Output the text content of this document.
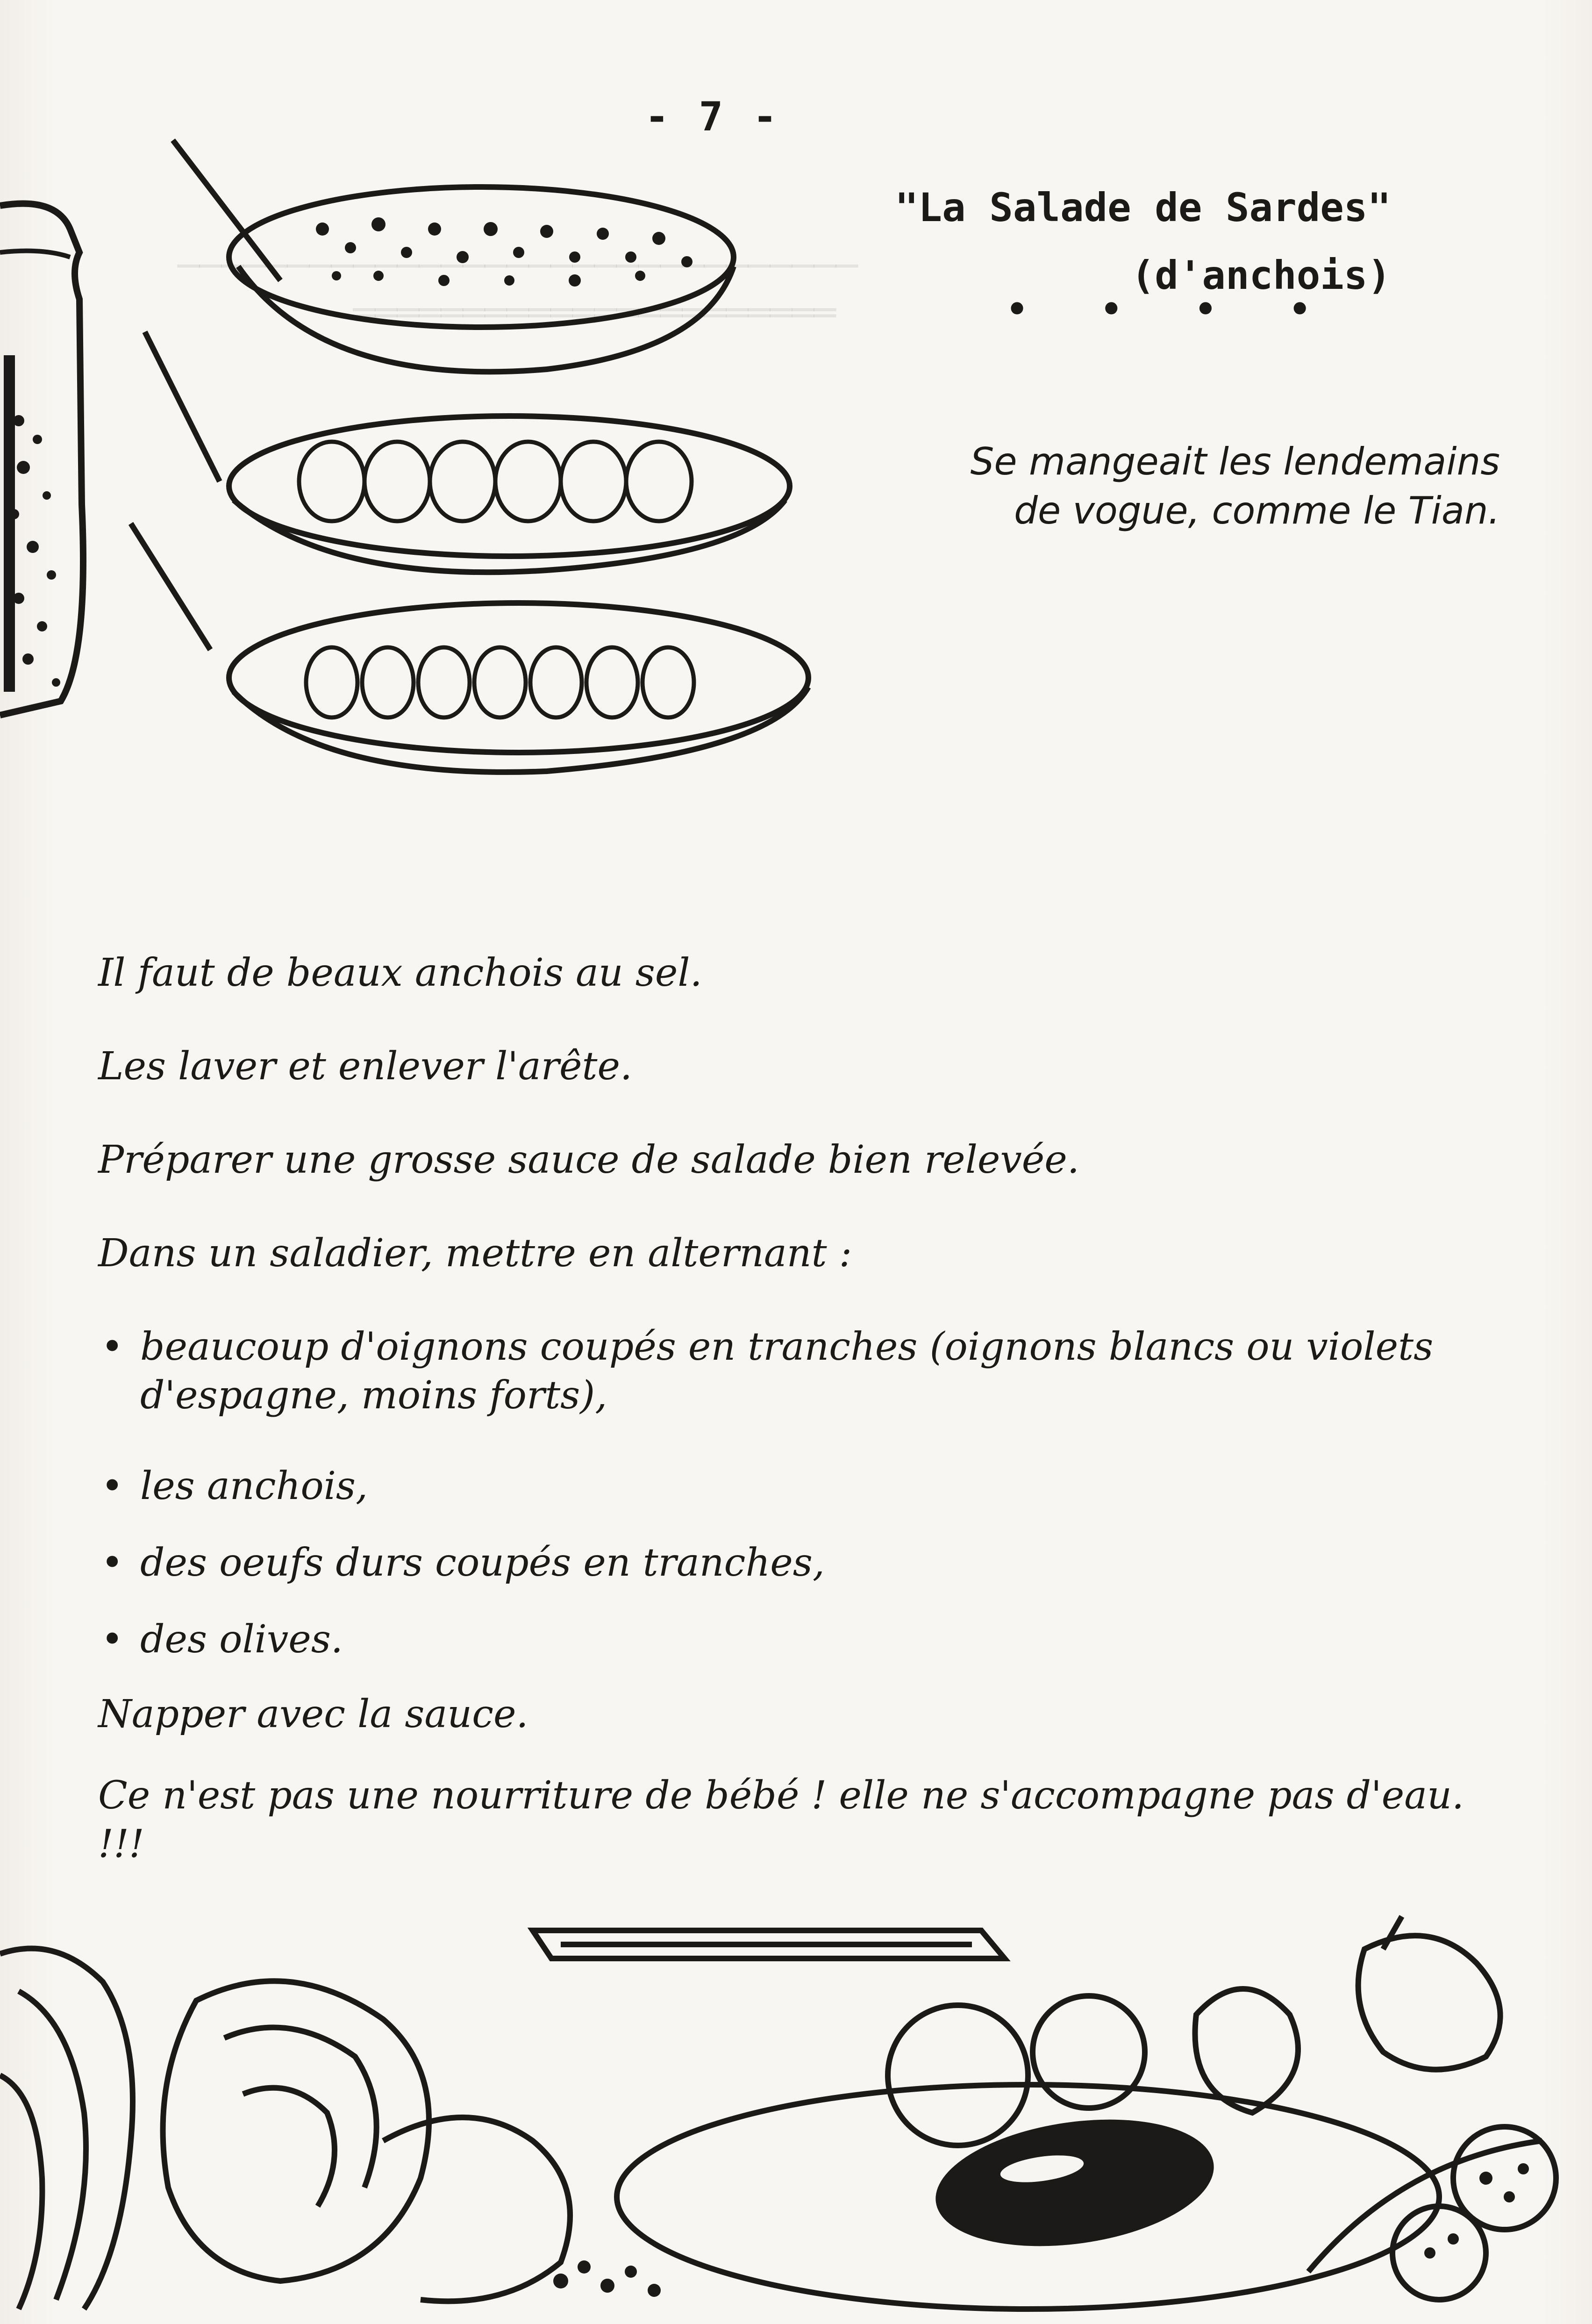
───────────────────────────────
══════════════════════

- 7 -
"La Salade de Sardes"
(d'anchois)
• • • •
Se mangeait les lendemains
de vogue, comme le Tian.

Il faut de beaux anchois au sel.

Les laver et enlever l'arête.

Préparer une grosse sauce de salade bien relevée.

Dans un saladier, mettre en alternant :

• beaucoup d'oignons coupés en tranches (oignons blancs ou violets d'espagne, moins forts),
• les anchois,
• des oeufs durs coupés en tranches,
• des olives.

Napper avec la sauce.

Ce n'est pas une nourriture de bébé ! elle ne s'accompagne pas d'eau. !!!
